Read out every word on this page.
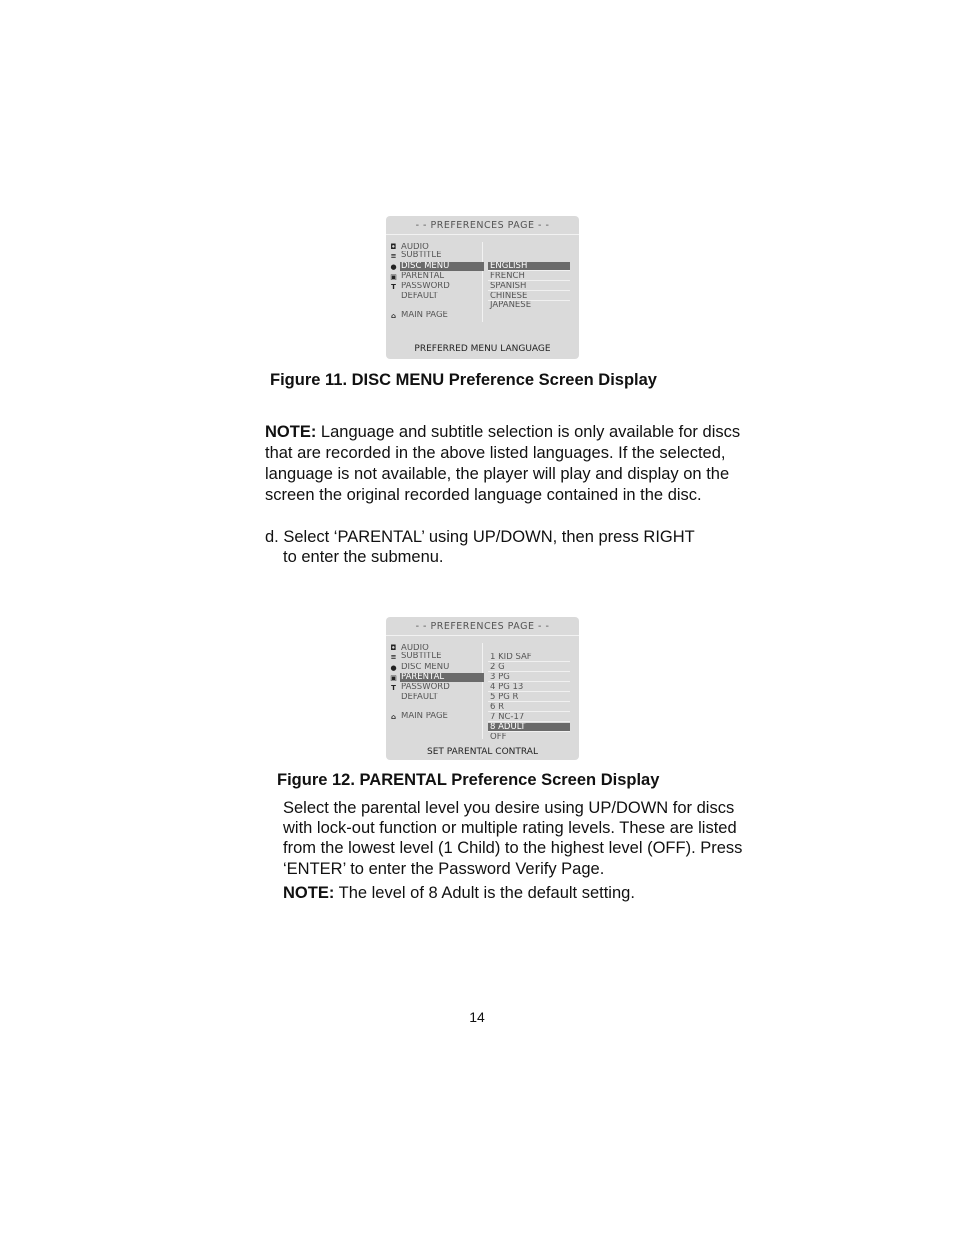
- - PREFERENCES PAGE - -
◘
≡
●
▣
T
⌂
AUDIO
SUBTITLE
DISC MENU
PARENTAL
PASSWORD
DEFAULT
MAIN PAGE
ENGLISH
FRENCH
SPANISH
CHINESE
JAPANESE
PREFERRED MENU LANGUAGE
Figure 11. DISC MENU Preference Screen Display
NOTE: Language and subtitle selection is only available for discs that are recorded in the above listed languages. If the selected, language is not available, the player will play and display on the screen the original recorded language contained in the disc.
d. Select ‘PARENTAL’ using UP/DOWN, then press RIGHT
to enter the submenu.
- - PREFERENCES PAGE - -
◘
≡
●
▣
T
⌂
AUDIO
SUBTITLE
DISC MENU
PARENTAL
PASSWORD
DEFAULT
MAIN PAGE
1 KID SAF
2 G
3 PG
4 PG 13
5 PG R
6 R
7 NC-17
8 ADULT
OFF
SET PARENTAL CONTRAL
Figure 12. PARENTAL Preference Screen Display
Select the parental level you desire using UP/DOWN for discs with lock-out function or multiple rating levels. These are listed from the lowest level (1 Child) to the highest level (OFF). Press ‘ENTER’ to enter the Password Verify Page.
NOTE: The level of 8 Adult is the default setting.
14
